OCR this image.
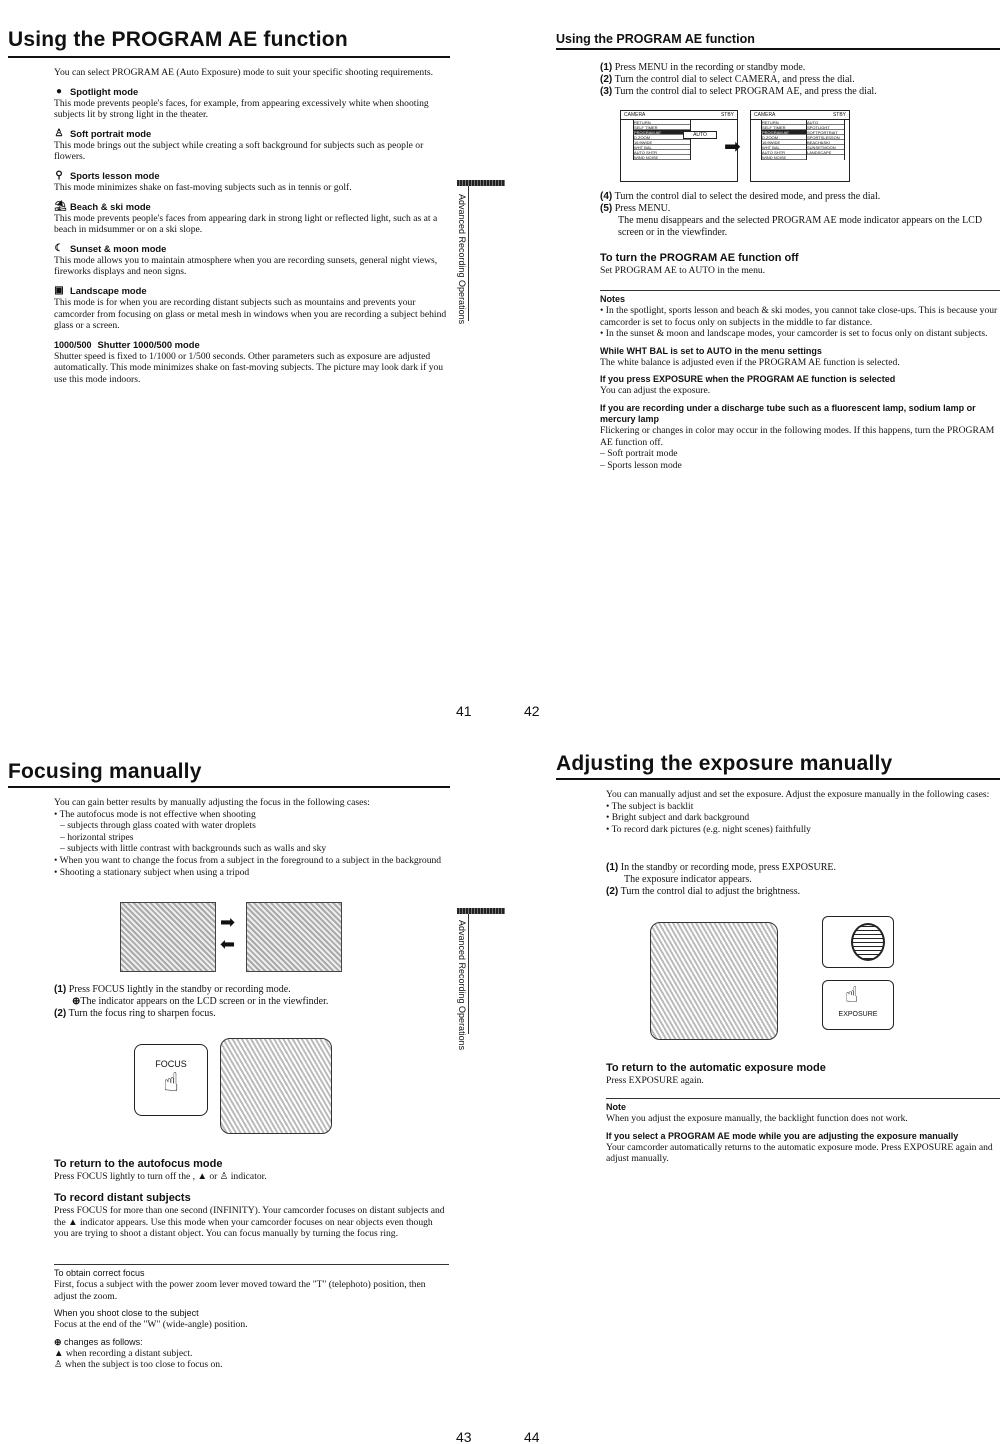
Using the PROGRAM AE function

You can select PROGRAM AE (Auto Exposure) mode to suit your specific shooting requirements.

● Spotlight mode

This mode prevents people's faces, for example, from appearing excessively white when shooting subjects lit by strong light in the theater.

♙ Soft portrait mode

This mode brings out the subject while creating a soft background for subjects such as people or flowers.

⚲ Sports lesson mode

This mode minimizes shake on fast-moving subjects such as in tennis or golf.

⛱ Beach & ski mode

This mode prevents people's faces from appearing dark in strong light or reflected light, such as at a beach in midsummer or on a ski slope.

☾ Sunset & moon mode

This mode allows you to maintain atmosphere when you are recording sunsets, general night views, fireworks displays and neon signs.

▣ Landscape mode

This mode is for when you are recording distant subjects such as mountains and prevents your camcorder from focusing on glass or metal mesh in windows when you are recording a subject behind glass or a screen.

1000/500 Shutter 1000/500 mode

Shutter speed is fixed to 1/1000 or 1/500 seconds. Other parameters such as exposure are adjusted automatically. This mode minimizes shake on fast-moving subjects. The picture may look dark if you use this mode indoors.

Advanced Recording Operations
41
Using the PROGRAM AE function
(1) Press MENU in the recording or standby mode.
(2) Turn the control dial to select CAMERA, and press the dial.
(3) Turn the control dial to select PROGRAM AE, and press the dial.
CAMERA	STBY
RETURN
SELF TIMER
PROGRAM AE
D.ZOOM
16:9WIDE
WHT BAL
AUTO SHTR
WIND NOISE
AUTO ➡
CAMERA	STBY
RETURN
SELF TIMER
PROGRAM AE
D.ZOOM
16:9WIDE
WHT BAL
AUTO SHTR
WIND NOISE
AUTO
SPOTLIGHT
SOFTPORTRAIT
SPORTSLESSON
BEACH&SKI
SUNSETMOON
LANDSCAPE
(4) Turn the control dial to select the desired mode, and press the dial.
(5) Press MENU.
The menu disappears and the selected PROGRAM AE mode indicator appears on the LCD screen or in the viewfinder.
To turn the PROGRAM AE function off

Set PROGRAM AE to AUTO in the menu.

Notes

• In the spotlight, sports lesson and beach & ski modes, you cannot take close-ups. This is because your camcorder is set to focus only on subjects in the middle to far distance.

• In the sunset & moon and landscape modes, your camcorder is set to focus only on distant subjects.

While WHT BAL is set to AUTO in the menu settings

The white balance is adjusted even if the PROGRAM AE function is selected.

If you press EXPOSURE when the PROGRAM AE function is selected

You can adjust the exposure.

If you are recording under a discharge tube such as a fluorescent lamp, sodium lamp or mercury lamp

Flickering or changes in color may occur in the following modes. If this happens, turn the PROGRAM AE function off.

– Soft portrait mode

– Sports lesson mode

42
Focusing manually

You can gain better results by manually adjusting the focus in the following cases:

• The autofocus mode is not effective when shooting

– subjects through glass coated with water droplets

– horizontal stripes

– subjects with little contrast with backgrounds such as walls and sky

• When you want to change the focus from a subject in the foreground to a subject in the background

• Shooting a stationary subject when using a tripod

➡
⬅
(1) Press FOCUS lightly in the standby or recording mode.
⊕The indicator appears on the LCD screen or in the viewfinder.
(2) Turn the focus ring to sharpen focus.
FOCUS
☝
To return to the autofocus mode

Press FOCUS lightly to turn off the , ▲ or ♙ indicator.

To record distant subjects

Press FOCUS for more than one second (INFINITY). Your camcorder focuses on distant subjects and the ▲ indicator appears. Use this mode when your camcorder focuses on near objects even though you are trying to shoot a distant object. You can focus manually by turning the focus ring.

To obtain correct focus

First, focus a subject with the power zoom lever moved toward the "T" (telephoto) position, then adjust the zoom.

When you shoot close to the subject

Focus at the end of the "W" (wide-angle) position.

⊕ changes as follows:

▲ when recording a distant subject.

♙ when the subject is too close to focus on.

Advanced Recording Operations
43
Adjusting the exposure manually

You can manually adjust and set the exposure. Adjust the exposure manually in the following cases:

• The subject is backlit

• Bright subject and dark background

• To record dark pictures (e.g. night scenes) faithfully

(1) In the standby or recording mode, press EXPOSURE.
The exposure indicator appears.
(2) Turn the control dial to adjust the brightness.
EXPOSURE
☝
To return to the automatic exposure mode

Press EXPOSURE again.

Note

When you adjust the exposure manually, the backlight function does not work.

If you select a PROGRAM AE mode while you are adjusting the exposure manually

Your camcorder automatically returns to the automatic exposure mode. Press EXPOSURE again and adjust manually.

44
